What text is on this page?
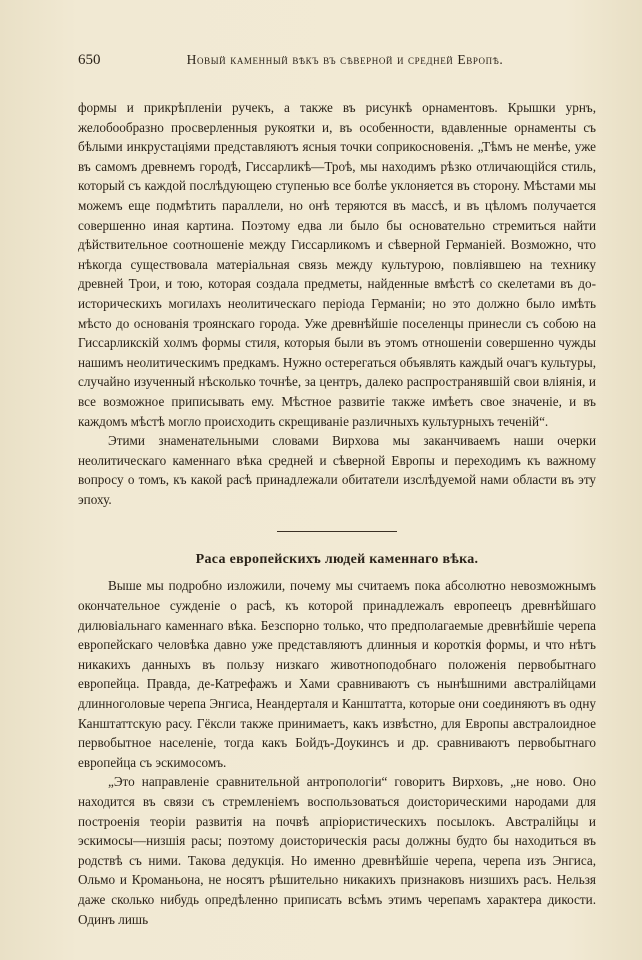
650	Новый каменный вѣкъ въ сѣверной и средней Европѣ.

формы и прикрѣпленіи ручекъ, а также въ рисункѣ орнаментовъ. Крышки урнъ, желобообразно просверленныя рукоятки и, въ особенности, вдавленные орнаменты съ бѣлыми инкрустаціями представляютъ ясныя точки соприкосновенія. „Тѣмъ не менѣе, уже въ самомъ древнемъ городѣ, Гиссарликѣ—Троѣ, мы находимъ рѣзко отличающійся стиль, который съ каждой послѣдующею ступенью все болѣе уклоняется въ сторону. Мѣстами мы можемъ еще подмѣтить параллели, но онѣ теряются въ массѣ, и въ цѣломъ получается совершенно иная картина. Поэтому едва ли было бы основательно стремиться найти дѣйствительное соотношеніе между Гиссарликомъ и сѣверной Германіей. Возможно, что нѣкогда существовала матеріальная связь между культурою, повліявшею на технику древней Трои, и тою, которая создала предметы, найденные вмѣстѣ со скелетами въ до-историческихъ могилахъ неолитическаго періода Германіи; но это должно было имѣть мѣсто до основанія троянскаго города. Уже древнѣйшіе поселенцы принесли съ собою на Гиссарликскій холмъ формы стиля, которыя были въ этомъ отношеніи совершенно чужды нашимъ неолитическимъ предкамъ. Нужно остерегаться объявлять каждый очагъ культуры, случайно изученный нѣсколько точнѣе, за центръ, далеко распространявшій свои вліянія, и все возможное приписывать ему. Мѣстное развитіе также имѣетъ свое значеніе, и въ каждомъ мѣстѣ могло происходить скрещиваніе различныхъ культурныхъ теченій“.

Этими знаменательными словами Вирхова мы заканчиваемъ наши очерки неолитическаго каменнаго вѣка средней и сѣверной Европы и переходимъ къ важному вопросу о томъ, къ какой расѣ принадлежали обитатели изслѣдуемой нами области въ эту эпоху.

Раса европейскихъ людей каменнаго вѣка.

Выше мы подробно изложили, почему мы считаемъ пока абсолютно невозможнымъ окончательное сужденіе о расѣ, къ которой принадлежалъ европеецъ древнѣйшаго дилювіальнаго каменнаго вѣка. Безспорно только, что предполагаемые древнѣйшіе черепа европейскаго человѣка давно уже представляютъ длинныя и короткія формы, и что нѣтъ никакихъ данныхъ въ пользу низкаго животноподобнаго положенія первобытнаго европейца. Правда, де-Катрефажъ и Хами сравниваютъ съ нынѣшними австралійцами длинноголовые черепа Энгиса, Неандерталя и Канштатта, которые они соединяютъ въ одну Канштаттскую расу. Гёксли также принимаетъ, какъ извѣстно, для Европы австралоидное первобытное населеніе, тогда какъ Бойдъ-Доукинсъ и др. сравниваютъ первобытнаго европейца съ эскимосомъ.

„Это направленіе сравнительной антропологіи“ говоритъ Вирховъ, „не ново. Оно находится въ связи съ стремленіемъ воспользоваться доисторическими народами для построенія теоріи развитія на почвѣ апріористическихъ посылокъ. Австралійцы и эскимосы—низшія расы; поэтому доисторическія расы должны будто бы находиться въ родствѣ съ ними. Такова дедукція. Но именно древнѣйшіе черепа, черепа изъ Энгиса, Ольмо и Кроманьона, не носятъ рѣшительно никакихъ признаковъ низшихъ расъ. Нельзя даже сколько нибудь опредѣленно приписать всѣмъ этимъ черепамъ характера дикости. Одинъ лишь
